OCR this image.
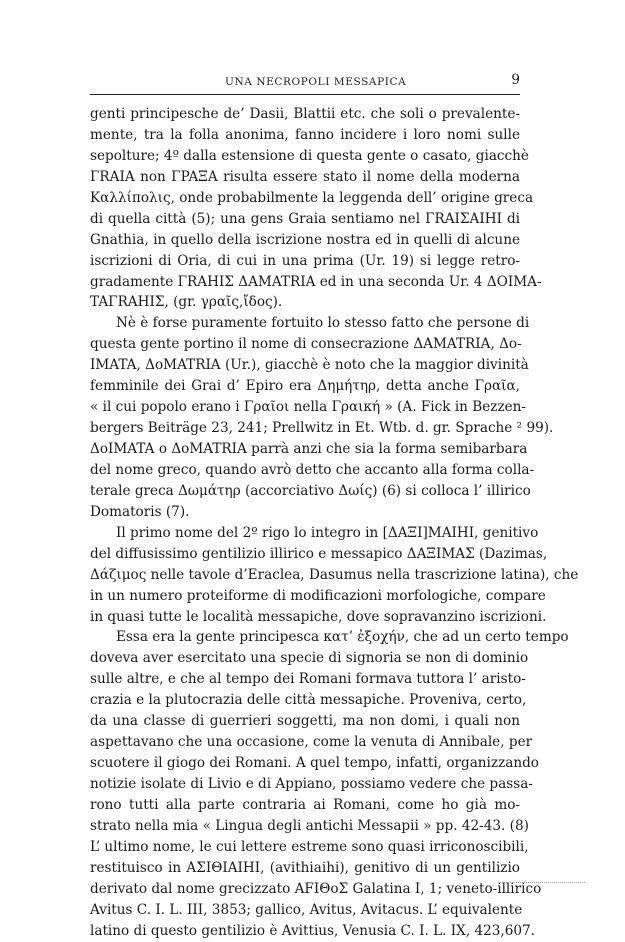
UNA NECROPOLI MESSAPICA	9
genti principesche de’ Dasii, Blattii etc. che soli o prevalente-
mente, tra la folla anonima, fanno incidere i loro nomi sulle
sepolture; 4º dalla estensione di questa gente o casato, giacchè
ΓRAIA non ΓPAΞA risulta essere stato il nome della moderna
Καλλίπολις, onde probabilmente la leggenda dell’ origine greca
di quella città (5); una gens Graia sentiamo nel ΓRAIΣAIHI di
Gnathia, in quello della iscrizione nostra ed in quelli di alcune
iscrizioni di Oria, di cui in una prima (Ur. 19) si legge retro-
gradamente ΓRAHIΣ ΔAMATRIA ed in una seconda Ur. 4 ΔOIMA-
TAΓRAHIΣ, (gr. γραῖς,ἴδος).
Nè è forse puramente fortuito lo stesso fatto che persone di
questa gente portino il nome di consecrazione ΔAMATRIA, Δo-
IMATA, ΔoMATRIA (Ur.), giacchè è noto che la maggior divinità
femminile dei Grai d’ Epiro era Δημήτηρ, detta anche Γραῖα,
« il cui popolo erano i Γραῖοι nella Γραική » (A. Fick in Bezzen-
bergers Beiträge 23, 241; Prellwitz in Et. Wtb. d. gr. Sprache ² 99).
ΔoIMATA o ΔoMATRIA parrà anzi che sia la forma semibarbara
del nome greco, quando avrò detto che accanto alla forma colla-
terale greca Δωμάτηρ (accorciativo Δωίς) (6) si colloca l’ illirico
Domatoris (7).
Il primo nome del 2º rigo lo integro in [ΔAΞI]MAIHI, genitivo
del diffusissimo gentilizio illirico e messapico ΔAΞIMAΣ (Dazimas,
Δάζιμος nelle tavole d’Eraclea, Dasumus nella trascrizione latina), che
in un numero proteiforme di modificazioni morfologiche, compare
in quasi tutte le località messapiche, dove sopravanzino iscrizioni.
Essa era la gente principesca κατ’ ἐξοχήν, che ad un certo tempo
doveva aver esercitato una specie di signoria se non di dominio
sulle altre, e che al tempo dei Romani formava tuttora l’ aristo-
crazia e la plutocrazia delle città messapiche. Proveniva, certo,
da una classe di guerrieri soggetti, ma non domi, i quali non
aspettavano che una occasione, come la venuta di Annibale, per
scuotere il giogo dei Romani. A quel tempo, infatti, organizzando
notizie isolate di Livio e di Appiano, possiamo vedere che passa-
rono tutti alla parte contraria ai Romani, come ho già mo-
strato nella mia « Lingua degli antichi Messapii » pp. 42-43. (8)
L’ ultimo nome, le cui lettere estreme sono quasi irriconoscibili,
restituisco in AΣIΘIAIHI, (avithiaihi), genitivo di un gentilizio
derivato dal nome grecizzato AFIΘoΣ Galatina I, 1; veneto-illirico
Avitus C. I. L. III, 3853; gallico, Avitus, Avitacus. L’ equivalente
latino di questo gentilizio è Avittius, Venusia C. I. L. IX, 423,607.
